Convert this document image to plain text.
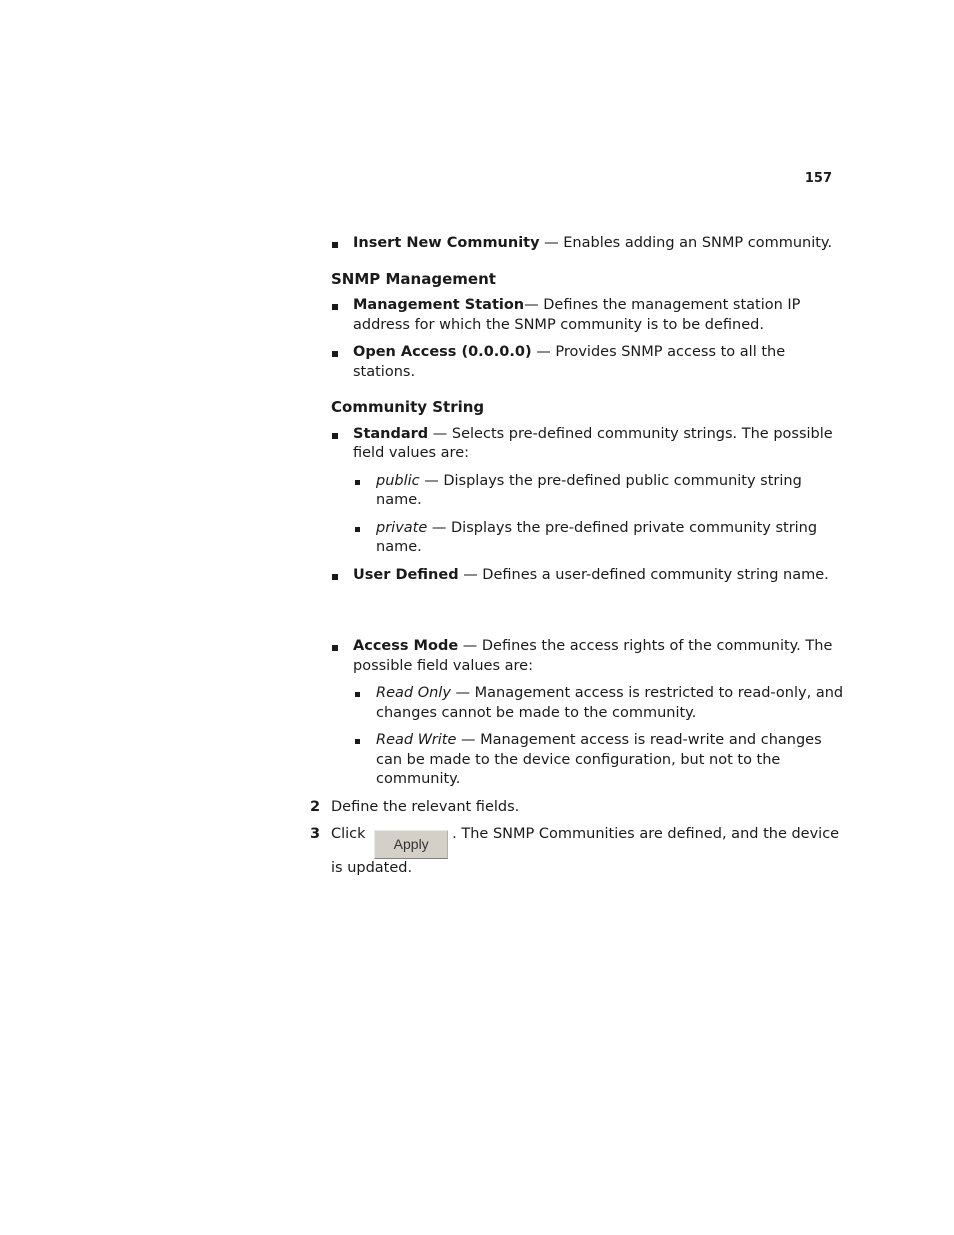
157
Insert New Community — Enables adding an SNMP community.
SNMP Management
Management Station— Defines the management station IP address for which the SNMP community is to be defined.
Open Access (0.0.0.0) — Provides SNMP access to all the stations.
Community String
Standard — Selects pre-defined community strings. The possible field values are:
public — Displays the pre-defined public community string name.
private — Displays the pre-defined private community string name.
User Defined — Defines a user-defined community string name.
Access Mode — Defines the access rights of the community. The possible field values are:
Read Only — Management access is restricted to read-only, and changes cannot be made to the community.
Read Write — Management access is read-write and changes can be made to the device configuration, but not to the community.
2 Define the relevant fields.
3 Click Apply. The SNMP Communities are defined, and the device is updated.
